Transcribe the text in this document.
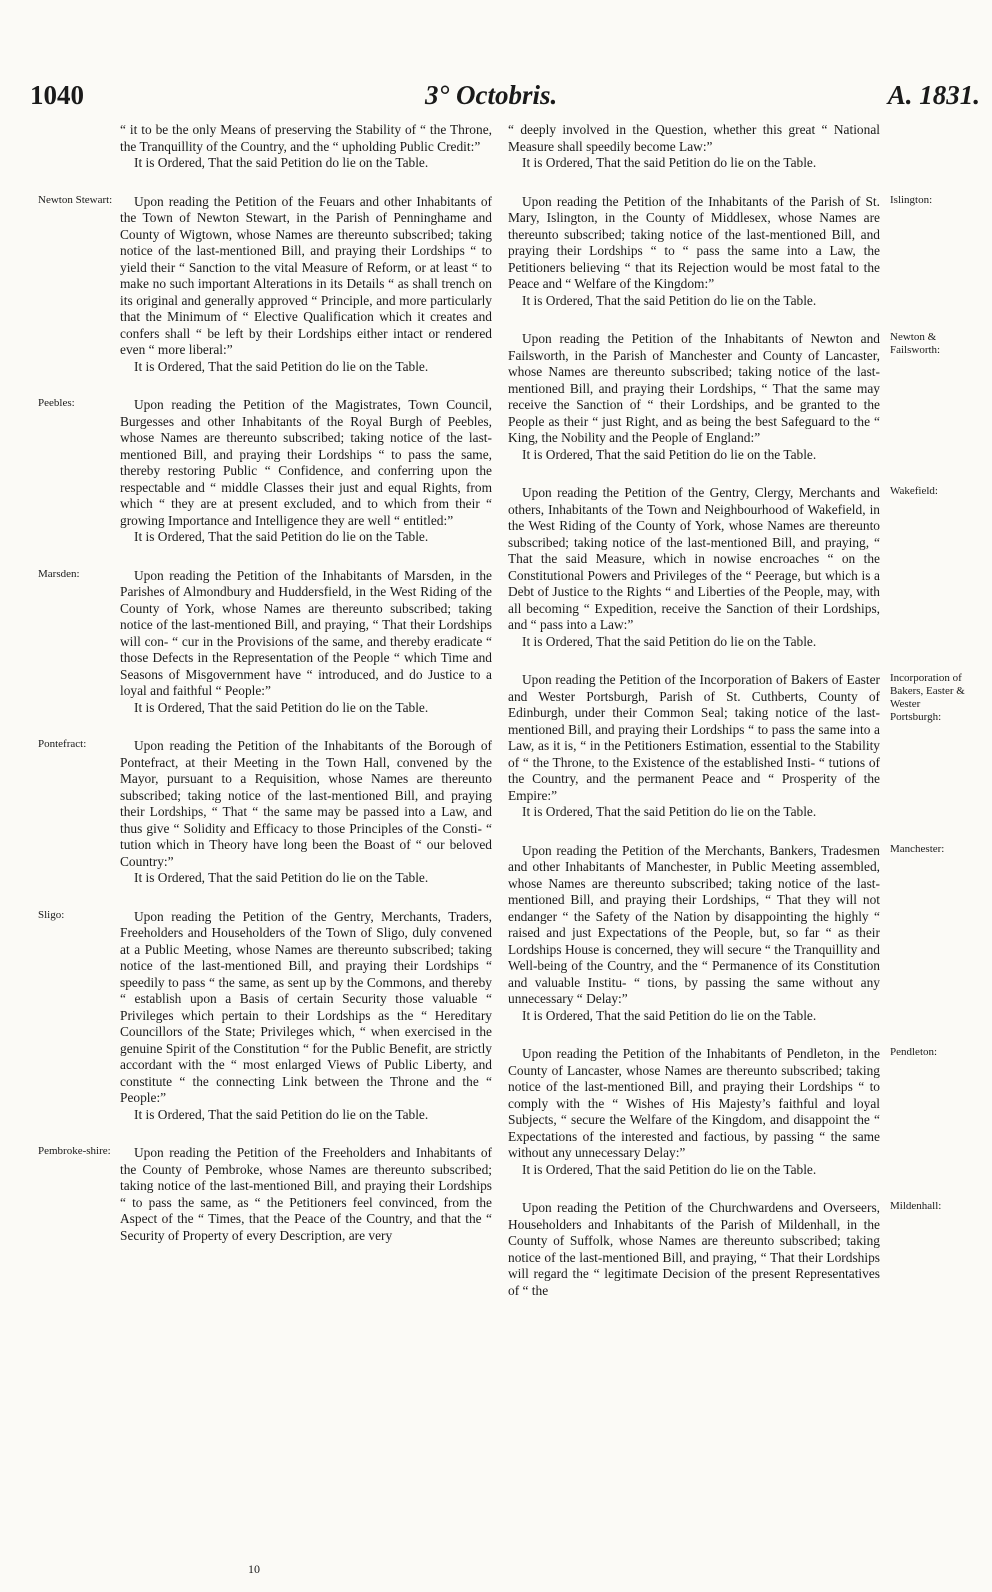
1040	3° Octobris.	A. 1831.

“ it to be the only Means of preserving the Stability of “ the Throne, the Tranquillity of the Country, and the “ upholding Public Credit:”

It is Ordered, That the said Petition do lie on the Table.

Upon reading the Petition of the Feuars and other Inhabitants of the Town of Newton Stewart, in the Parish of Penninghame and County of Wigtown, whose Names are thereunto subscribed; taking notice of the last-mentioned Bill, and praying their Lordships “ to yield their “ Sanction to the vital Measure of Reform, or at least “ to make no such important Alterations in its Details “ as shall trench on its original and generally approved “ Principle, and more particularly that the Minimum of “ Elective Qualification which it creates and confers shall “ be left by their Lordships either intact or rendered even “ more liberal:”

It is Ordered, That the said Petition do lie on the Table.

Upon reading the Petition of the Magistrates, Town Council, Burgesses and other Inhabitants of the Royal Burgh of Peebles, whose Names are thereunto subscribed; taking notice of the last-mentioned Bill, and praying their Lordships “ to pass the same, thereby restoring Public “ Confidence, and conferring upon the respectable and “ middle Classes their just and equal Rights, from which “ they are at present excluded, and to which from their “ growing Importance and Intelligence they are well “ entitled:”

It is Ordered, That the said Petition do lie on the Table.

Upon reading the Petition of the Inhabitants of Marsden, in the Parishes of Almondbury and Huddersfield, in the West Riding of the County of York, whose Names are thereunto subscribed; taking notice of the last-mentioned Bill, and praying, “ That their Lordships will con- “ cur in the Provisions of the same, and thereby eradicate “ those Defects in the Representation of the People “ which Time and Seasons of Misgovernment have “ introduced, and do Justice to a loyal and faithful “ People:”

It is Ordered, That the said Petition do lie on the Table.

Upon reading the Petition of the Inhabitants of the Borough of Pontefract, at their Meeting in the Town Hall, convened by the Mayor, pursuant to a Requisition, whose Names are thereunto subscribed; taking notice of the last-mentioned Bill, and praying their Lordships, “ That “ the same may be passed into a Law, and thus give “ Solidity and Efficacy to those Principles of the Consti- “ tution which in Theory have long been the Boast of “ our beloved Country:”

It is Ordered, That the said Petition do lie on the Table.

Upon reading the Petition of the Gentry, Merchants, Traders, Freeholders and Householders of the Town of Sligo, duly convened at a Public Meeting, whose Names are thereunto subscribed; taking notice of the last-mentioned Bill, and praying their Lordships “ speedily to pass “ the same, as sent up by the Commons, and thereby “ establish upon a Basis of certain Security those valuable “ Privileges which pertain to their Lordships as the “ Hereditary Councillors of the State; Privileges which, “ when exercised in the genuine Spirit of the Constitution “ for the Public Benefit, are strictly accordant with the “ most enlarged Views of Public Liberty, and constitute “ the connecting Link between the Throne and the “ People:”

It is Ordered, That the said Petition do lie on the Table.

Upon reading the Petition of the Freeholders and Inhabitants of the County of Pembroke, whose Names are thereunto subscribed; taking notice of the last-mentioned Bill, and praying their Lordships “ to pass the same, as “ the Petitioners feel convinced, from the Aspect of the “ Times, that the Peace of the Country, and that the “ Security of Property of every Description, are very

“ deeply involved in the Question, whether this great “ National Measure shall speedily become Law:”

It is Ordered, That the said Petition do lie on the Table.

Upon reading the Petition of the Inhabitants of the Parish of St. Mary, Islington, in the County of Middlesex, whose Names are thereunto subscribed; taking notice of the last-mentioned Bill, and praying their Lordships “ to “ pass the same into a Law, the Petitioners believing “ that its Rejection would be most fatal to the Peace and “ Welfare of the Kingdom:”

It is Ordered, That the said Petition do lie on the Table.

Upon reading the Petition of the Inhabitants of Newton and Failsworth, in the Parish of Manchester and County of Lancaster, whose Names are thereunto subscribed; taking notice of the last-mentioned Bill, and praying their Lordships, “ That the same may receive the Sanction of “ their Lordships, and be granted to the People as their “ just Right, and as being the best Safeguard to the “ King, the Nobility and the People of England:”

It is Ordered, That the said Petition do lie on the Table.

Upon reading the Petition of the Gentry, Clergy, Merchants and others, Inhabitants of the Town and Neighbourhood of Wakefield, in the West Riding of the County of York, whose Names are thereunto subscribed; taking notice of the last-mentioned Bill, and praying, “ That the said Measure, which in nowise encroaches “ on the Constitutional Powers and Privileges of the “ Peerage, but which is a Debt of Justice to the Rights “ and Liberties of the People, may, with all becoming “ Expedition, receive the Sanction of their Lordships, and “ pass into a Law:”

It is Ordered, That the said Petition do lie on the Table.

Upon reading the Petition of the Incorporation of Bakers of Easter and Wester Portsburgh, Parish of St. Cuthberts, County of Edinburgh, under their Common Seal; taking notice of the last-mentioned Bill, and praying their Lordships “ to pass the same into a Law, as it is, “ in the Petitioners Estimation, essential to the Stability of “ the Throne, to the Existence of the established Insti- “ tutions of the Country, and the permanent Peace and “ Prosperity of the Empire:”

It is Ordered, That the said Petition do lie on the Table.

Upon reading the Petition of the Merchants, Bankers, Tradesmen and other Inhabitants of Manchester, in Public Meeting assembled, whose Names are thereunto subscribed; taking notice of the last-mentioned Bill, and praying their Lordships, “ That they will not endanger “ the Safety of the Nation by disappointing the highly “ raised and just Expectations of the People, but, so far “ as their Lordships House is concerned, they will secure “ the Tranquillity and Well-being of the Country, and the “ Permanence of its Constitution and valuable Institu- “ tions, by passing the same without any unnecessary “ Delay:”

It is Ordered, That the said Petition do lie on the Table.

Upon reading the Petition of the Inhabitants of Pendleton, in the County of Lancaster, whose Names are thereunto subscribed; taking notice of the last-mentioned Bill, and praying their Lordships “ to comply with the “ Wishes of His Majesty’s faithful and loyal Subjects, “ secure the Welfare of the Kingdom, and disappoint the “ Expectations of the interested and factious, by passing “ the same without any unnecessary Delay:”

It is Ordered, That the said Petition do lie on the Table.

Upon reading the Petition of the Churchwardens and Overseers, Householders and Inhabitants of the Parish of Mildenhall, in the County of Suffolk, whose Names are thereunto subscribed; taking notice of the last-mentioned Bill, and praying, “ That their Lordships will regard the “ legitimate Decision of the present Representatives of “ the

Newton Stewart:
Peebles:
Marsden:
Pontefract:
Sligo:
Pembroke-shire:
Islington:
Newton & Failsworth:
Wakefield:
Incorporation of Bakers, Easter & Wester Portsburgh:
Manchester:
Pendleton:
Mildenhall:
10
